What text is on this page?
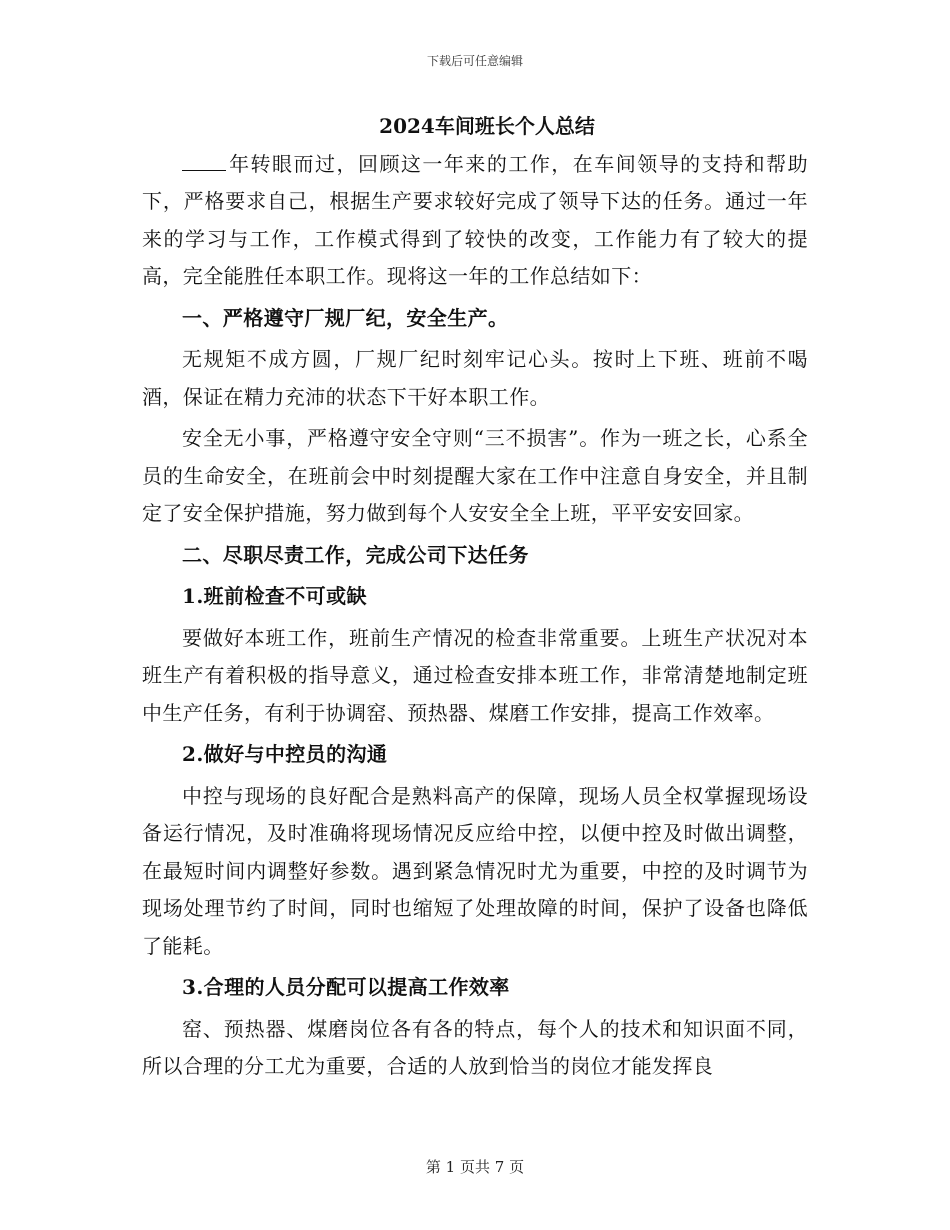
下载后可任意编辑

2024车间班长个人总结

年转眼而过，回顾这一年来的工作，在车间领导的支持和帮助下，严格要求自己，根据生产要求较好完成了领导下达的任务。通过一年来的学习与工作，工作模式得到了较快的改变，工作能力有了较大的提高，完全能胜任本职工作。现将这一年的工作总结如下：

一、严格遵守厂规厂纪，安全生产。

无规矩不成方圆，厂规厂纪时刻牢记心头。按时上下班、班前不喝酒，保证在精力充沛的状态下干好本职工作。

安全无小事，严格遵守安全守则“三不损害”。作为一班之长，心系全员的生命安全，在班前会中时刻提醒大家在工作中注意自身安全，并且制定了安全保护措施，努力做到每个人安安全全上班，平平安安回家。

二、尽职尽责工作，完成公司下达任务

1.班前检查不可或缺

要做好本班工作，班前生产情况的检查非常重要。上班生产状况对本班生产有着积极的指导意义，通过检查安排本班工作，非常清楚地制定班中生产任务，有利于协调窑、预热器、煤磨工作安排，提高工作效率。

2.做好与中控员的沟通

中控与现场的良好配合是熟料高产的保障，现场人员全权掌握现场设备运行情况，及时准确将现场情况反应给中控，以便中控及时做出调整，在最短时间内调整好参数。遇到紧急情况时尤为重要，中控的及时调节为现场处理节约了时间，同时也缩短了处理故障的时间，保护了设备也降低了能耗。

3.合理的人员分配可以提高工作效率

窑、预热器、煤磨岗位各有各的特点，每个人的技术和知识面不同，所以合理的分工尤为重要，合适的人放到恰当的岗位才能发挥良

第 1 页共 7 页
